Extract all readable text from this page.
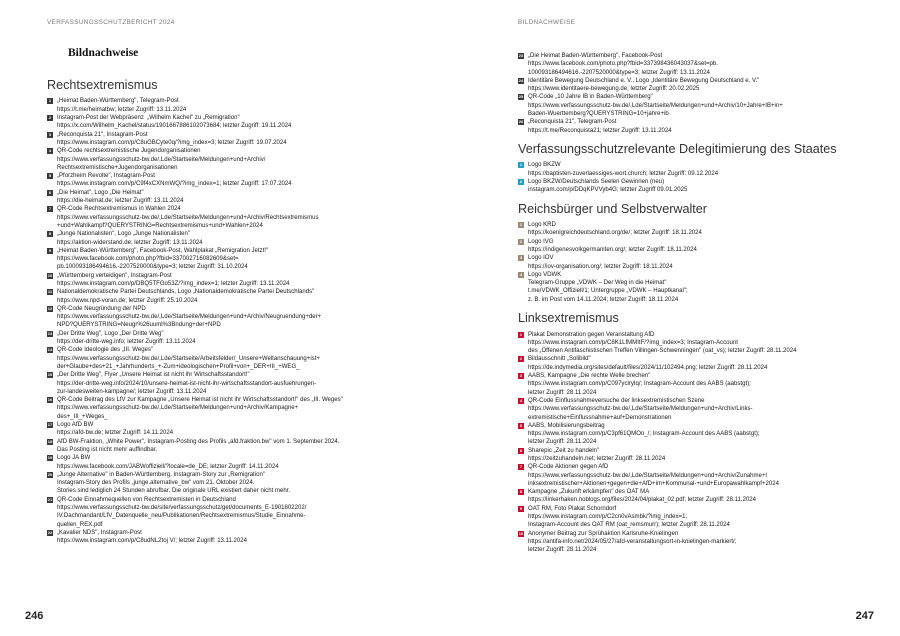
VERFASSUNGSSCHUTZBERICHT 2024
Bildnachweise
Rechtsextremismus
1 „Heimat Baden-Württemberg", Telegram-Post
https://t.me/heimatbw; letzter Zugriff: 13.11.2024
2 Instagram-Post der Webpräsenz  „Wilhelm Kachel" zu „Remigration"
https://x.com/Wilhelm_Kachel/status/1901667886102073684; letzter Zugriff: 19.11.2024
3 „Reconquista 21", Instagram-Post
https://www.instagram.com/p/C8uGBCyte0q/?img_index=3; letzter Zugriff: 19.07.2024
4 QR-Code rechtsextremistische Jugendorganisationen
https://www.verfassungsschutz-bw.de/,Lde/Startseite/Meldungen+und+Archiv/
Rechtsextremistische+Jugendorganisationen
5 „Pforzheim Revolte", Instagram-Post
https://www.instagram.com/p/C9f4xCXNmWQ/?img_index=1; letzter Zugriff: 17.07.2024
6 „Die Heimat", Logo „Die Heimat"
https://die-heimat.de; letzter Zugriff: 13.11.2024
7 QR-Code Rechtsextremismus in Wahlen 2024
https://www.verfassungsschutz-bw.de/,Lde/Startseite/Meldungen+und+Archiv/Rechtsextremismus
+und+Wahlkampf?QUERYSTRING=Rechtsextremismus+und+Wahlen+2024
8 „Junge Nationalisten", Logo „Junge Nationalisten"
https://aktion-widerstand.de; letzter Zugriff: 13.11.2024
9 „Heimat Baden-Württemberg", Facebook-Post, Wahlplakat „Remigration Jetzt!"
https://www.facebook.com/photo.php?fbid=337002716082609&set=
pb.100093186494616.-2207520000&type=3; letzter Zugriff: 31.10.2024
10 „Württemberg verteidigen", Instagram-Post
https://www.instagram.com/p/DBQ5TFGo53Z/?img_index=1; letzter Zugriff: 13.11.2024
11 Nationaldemokratische Partei Deutschlands, Logo „Nationaldemokratische Partei Deutschlands"
https://www.npd-voran.de; letzter Zugriff: 25.10.2024
12 QR-Code Neugründung der NPD
https://www.verfassungsschutz-bw.de/,Lde/Startseite/Meldungen+und+Archiv/Neugruendung+der+
NPD?QUERYSTRING=Neugr%26uuml%3Bndung+der+NPD
13 „Der Dritte Weg", Logo „Der Dritte Weg"
https://der-dritte-weg.info; letzter Zugriff: 13.11.2024
14 QR-Code Ideologie des „III. Weges"
https://www.verfassungsschutz-bw.de/,Lde/Startseite/Arbeitsfelder/_Unsere+Weltanschauung+ist+
der+Glaube+des+21_+Jahrhunderts_+-Zum+ideologischen+Profil+von+_DER+III_+WEG_
15 „Der Dritte Weg", Flyer „Unsere Heimat ist nicht ihr Wirtschaftsstandort!"
https://der-dritte-weg.info/2024/10/unsere-heimat-ist-nicht-ihr-wirtschaftsstandort-ausfuehrungen-
zur-landesweiten-kampagne/; letzter Zugriff: 13.11.2024
16 QR-Code Beitrag des LfV zur Kampagne „Unsere Heimat ist nicht ihr Wirtschaftsstandort!" des „III. Weges"
https://www.verfassungsschutz-bw.de/,Lde/Startseite/Meldungen+und+Archiv/Kampagne+
des+_III_+Weges_
17 Logo AfD BW
https://afd-bw.de; letzter Zugriff: 14.11.2024
18 AfD BW-Fraktion, „White Power", Instagram-Posting des Profils „afd.fraktion.bw" vom 1. September 2024.
Das Posting ist nicht mehr auffindbar.
19 Logo JA BW
https://www.facebook.com/JABWoffiziell/?locale=de_DE; letzter Zugriff: 14.11.2024
20 „Junge Alternative" in Baden-Württemberg, Instagram-Story zur „Remigration"
Instagram-Story des Profils „junge.alternative_bw" vom 21. Oktober 2024.
Stories sind lediglich 24 Stunden abrufbar. Die originale URL existiert daher nicht mehr.
21 QR-Code Einnahmequellen von Rechtsextremisten in Deutschland
https://www.verfassungsschutz-bw.de/site/verfassungsschutz/get/documents_E-1901802202/
IV.Dachmandant/LfV_Datenquelle_neu/Publikationen/Rechtsextremismus/Studie_Einnahme-
quellen_REX.pdf
22 „Kavalier NDS", Instagram-Post
https://www.instagram.com/p/C8udNL2toj V/; letzter Zugriff: 13.11.2024
246
BILDNACHWEISE
23 „Die Heimat Baden-Württemberg", Facebook-Post
https://www.facebook.com/photo.php?fbid=337398436043037&set=pb.
100093186494616.-2207520000&type=3; letzter Zugriff: 13.11.2024
24 Identitäre Bewegung Deutschland e. V., Logo „Identitäre Bewegung Deutschland e. V."
https://www.identitaere-bewegung.de; letzter Zugriff: 20.02.2025
25 QR-Code „10 Jahre IB in Baden-Württemberg"
https://www.verfassungsschutz-bw.de/,Lde/Startseite/Meldungen+und+Archiv/10+Jahre+IB+in+
Baden-Wuerttemberg?QUERYSTRING=10+jahre+ib
26 „Reconquista 21", Telegram-Post
https://t.me/Reconquista21; letzter Zugriff: 13.11.2024
Verfassungsschutzrelevante Delegitimierung des Staates
1 Logo BKZW
https://baptisten-zuverlaessiges-wort.church; letzter Zugriff: 09.12.2024
2 Logo BKZW/Deutschlands Seelen Gewinnen (neu)
instagram.com/p/DDqKPVVyb4G; letzter Zugriff 09.01.2025
Reichsbürger und Selbstverwalter
1 Logo KRD
https://koenigreichdeutschland.org/de/; letzter Zugriff: 18.11.2024
2 Logo IVG
https://indigenesvolkgermaniten.org/; letzter Zugriff: 18.11.2024
3 Logo IOV
https://iov-organisation.org/; letzter Zugriff: 18.11.2024
4 Logo VDWK
Telegram-Gruppe „VDWK – Der Weg in die Heimat"
t.me/VDWK_Offiziell/1; Untergruppe „VDWK – Hauptkanal";
z. B. im Post vom 14.11.2024; letzter Zugriff: 18.11.2024
Linksextremismus
1 Plakat Demonstration gegen Veranstaltung AfD
https://www.instagram.com/p/C8K1LfMMItF/?img_index=3; Instagram-Account
des „Offenen Antifaschistischen Treffen Villingen-Schwenningen" (oat_vs); letzter Zugriff: 28.11.2024
2 Bildausschnitt „Solibild"
https://de.indymedia.org/sites/default/files/2024/11/102494.png; letzter Zugriff: 28.11.2024
3 AABS, Kampagne „Die rechte Welle brechen"
https://www.instagram.com/p/C097yclryIq/; Instagram-Account des AABS (aabstgt);
letzter Zugriff: 28.11.2024
4 QR-Code Einflussnahmeversuche der linksextremistischen Szene
https://www.verfassungsschutz-bw.de/,Lde/Startseite/Meldungen+und+Archiv/Links-
extremistische+Einflussnahme+auf+Demonstrationen
5 AABS, Mobilisierungsbeitrag
https://www.instagram.com/p/C3pf61QMOo_/; Instagram-Account des AABS (aabstgt);
letzter Zugriff: 28.11.2024
6 Sharepic „Zeit zu handeln"
https://zeitzuhandeln.net; letzter Zugriff: 28.11.2024
7 QR-Code Aktionen gegen AfD
https://www.verfassungsschutz-bw.de/,Lde/Startseite/Meldungen+und+Archiv/Zunahme+l
inksextremistischer+Aktionen+gegen+die+AfD+im+Kommunal-+und+Europawahlkampf+2024
8 Kampagne „Zukunft erkämpfen" des OAT MA
https://linkerhaken.noblogs.org/files/2024/04/plakat_02.pdf; letzter Zugriff: 28.11.2024
9 OAT RM, Foto Plakat Schorndorf
https://www.instagram.com/p/C2cn0vAsmbk/?img_index=1;
Instagram-Account des OAT RM (oat_remsmurr); letzter Zugriff: 28.11.2024
10 Anonymer Beitrag zur Sprühaktion Karlsruhe-Knielingen
https://antifa-info.net/2024/05/27/afd-veranstaltungsort-in-knielingen-markiert/;
letzter Zugriff: 28.11.2024
247
